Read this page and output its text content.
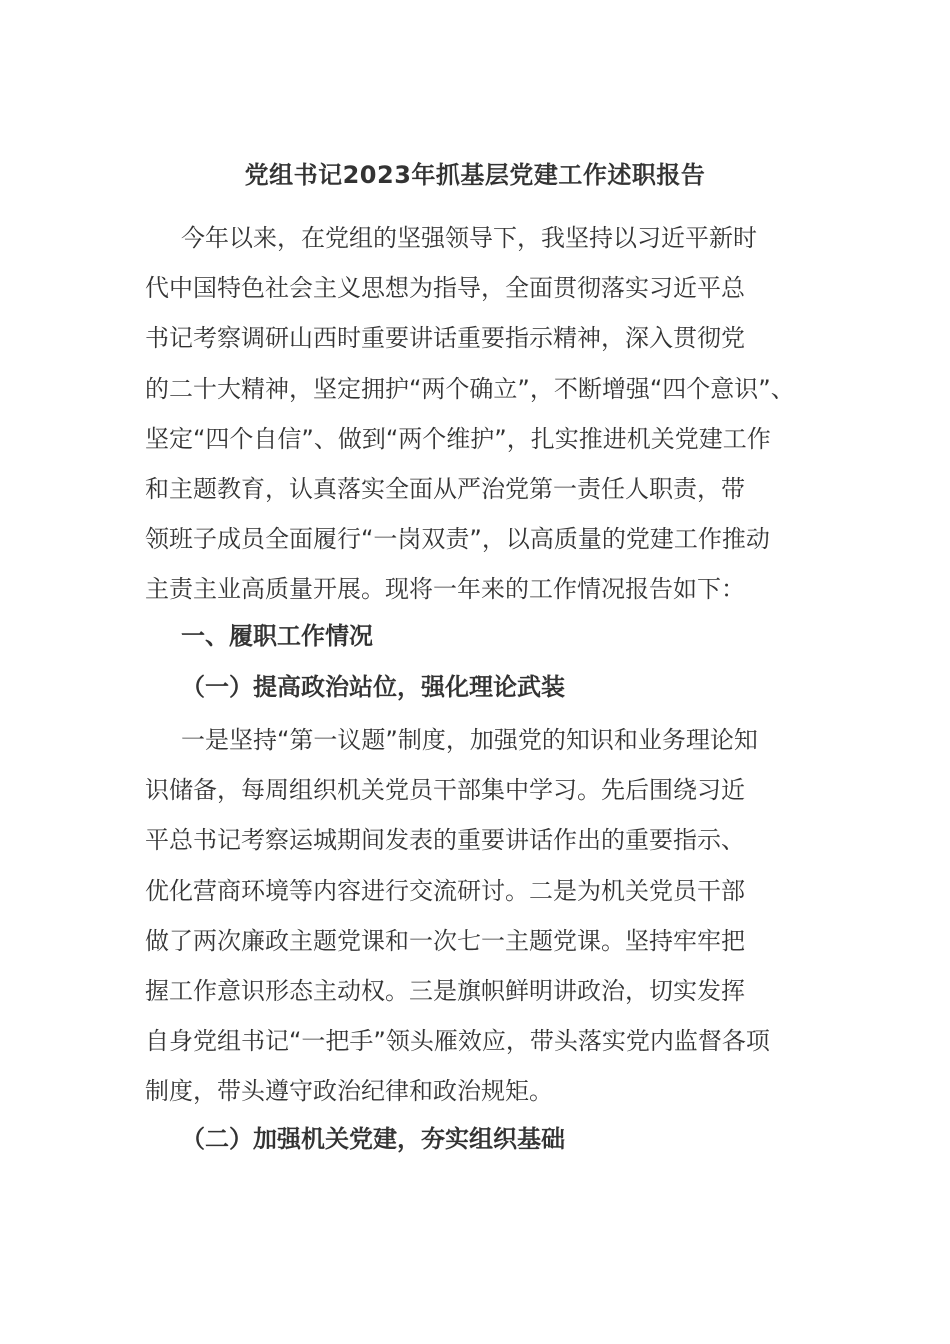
党组书记2023年抓基层党建工作述职报告
今年以来，在党组的坚强领导下，我坚持以习近平新时
代中国特色社会主义思想为指导，全面贯彻落实习近平总
书记考察调研山西时重要讲话重要指示精神，深入贯彻党
的二十大精神，坚定拥护“两个确立”，不断增强“四个意识”、
坚定“四个自信”、做到“两个维护”，扎实推进机关党建工作
和主题教育，认真落实全面从严治党第一责任人职责，带
领班子成员全面履行“一岗双责”，以高质量的党建工作推动
主责主业高质量开展。现将一年来的工作情况报告如下：
一、履职工作情况
（一）提高政治站位，强化理论武装
一是坚持“第一议题”制度，加强党的知识和业务理论知
识储备，每周组织机关党员干部集中学习。先后围绕习近
平总书记考察运城期间发表的重要讲话作出的重要指示、
优化营商环境等内容进行交流研讨。二是为机关党员干部
做了两次廉政主题党课和一次七一主题党课。坚持牢牢把
握工作意识形态主动权。三是旗帜鲜明讲政治，切实发挥
自身党组书记“一把手”领头雁效应，带头落实党内监督各项
制度，带头遵守政治纪律和政治规矩。
（二）加强机关党建，夯实组织基础
